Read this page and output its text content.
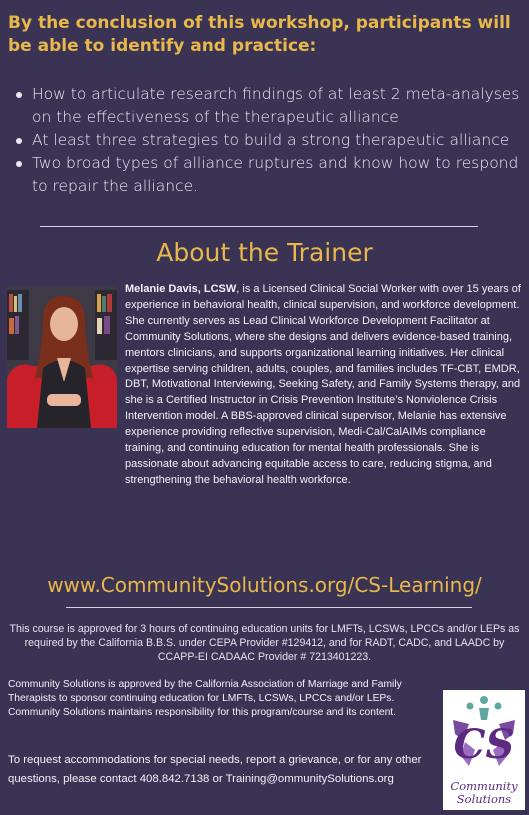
By the conclusion of this workshop, participants will be able to identify and practice:
How to articulate research findings of at least 2 meta-analyses on the effectiveness of the therapeutic alliance
At least three strategies to build a strong therapeutic alliance
Two broad types of alliance ruptures and know how to respond to repair the alliance.
About the Trainer
Melanie Davis, LCSW, is a Licensed Clinical Social Worker with over 15 years of experience in behavioral health, clinical supervision, and workforce development. She currently serves as Lead Clinical Workforce Development Facilitator at Community Solutions, where she designs and delivers evidence-based training, mentors clinicians, and supports organizational learning initiatives. Her clinical expertise serving children, adults, couples, and families includes TF-CBT, EMDR, DBT, Motivational Interviewing, Seeking Safety, and Family Systems therapy, and she is a Certified Instructor in Crisis Prevention Institute’s Nonviolence Crisis Intervention model. A BBS-approved clinical supervisor, Melanie has extensive experience providing reflective supervision, Medi-Cal/CalAIMs compliance training, and continuing education for mental health professionals. She is passionate about advancing equitable access to care, reducing stigma, and strengthening the behavioral health workforce.
www.CommunitySolutions.org/CS-Learning/
This course is approved for 3 hours of continuing education units for LMFTs, LCSWs, LPCCs and/or LEPs as required by the California B.B.S. under CEPA Provider #129412, and for RADT, CADC, and LAADC by CCAPP-EI CADAAC Provider # 7213401223.
Community Solutions is approved by the California Association of Marriage and Family Therapists to sponsor continuing education for LMFTs, LCSWs, LPCCs and/or LEPs. Community Solutions maintains responsibility for this program/course and its content.
To request accommodations for special needs, report a grievance, or for any other questions, please contact 408.842.7138 or Training@ommunitySolutions.org
CS
Community
Solutions
